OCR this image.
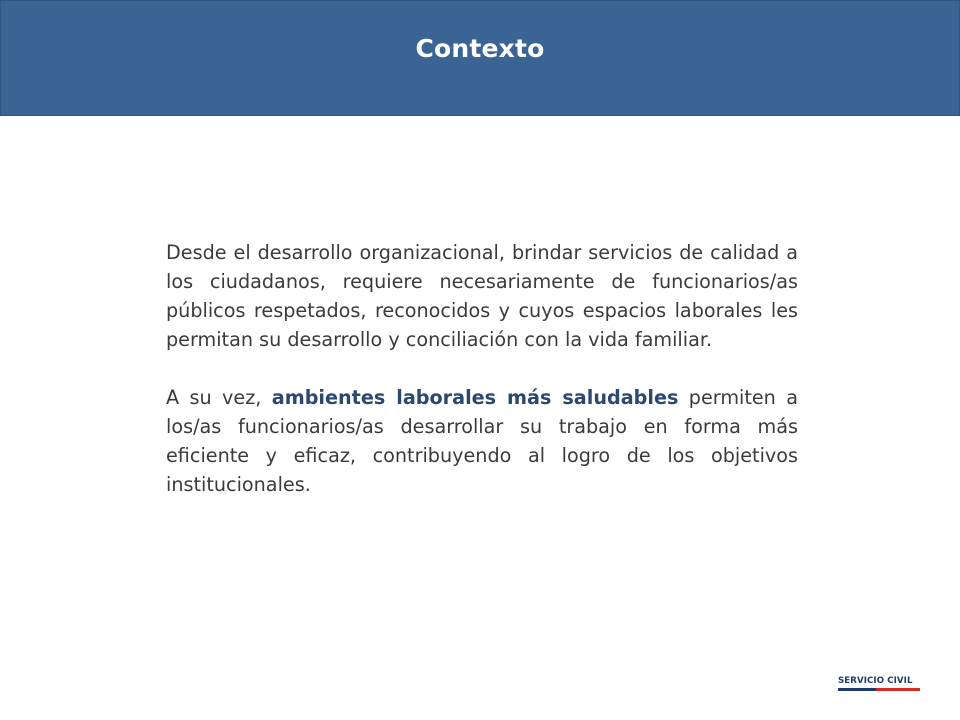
Contexto

Desde el desarrollo organizacional, brindar servicios de calidad a los ciudadanos, requiere necesariamente de funcionarios/as públicos respetados, reconocidos y cuyos espacios laborales les permitan su desarrollo y conciliación con la vida familiar.

A su vez, ambientes laborales más saludables permiten a los/as funcionarios/as desarrollar su trabajo en forma más eficiente y eficaz, contribuyendo al logro de los objetivos institucionales.

SERVICIO CIVIL
